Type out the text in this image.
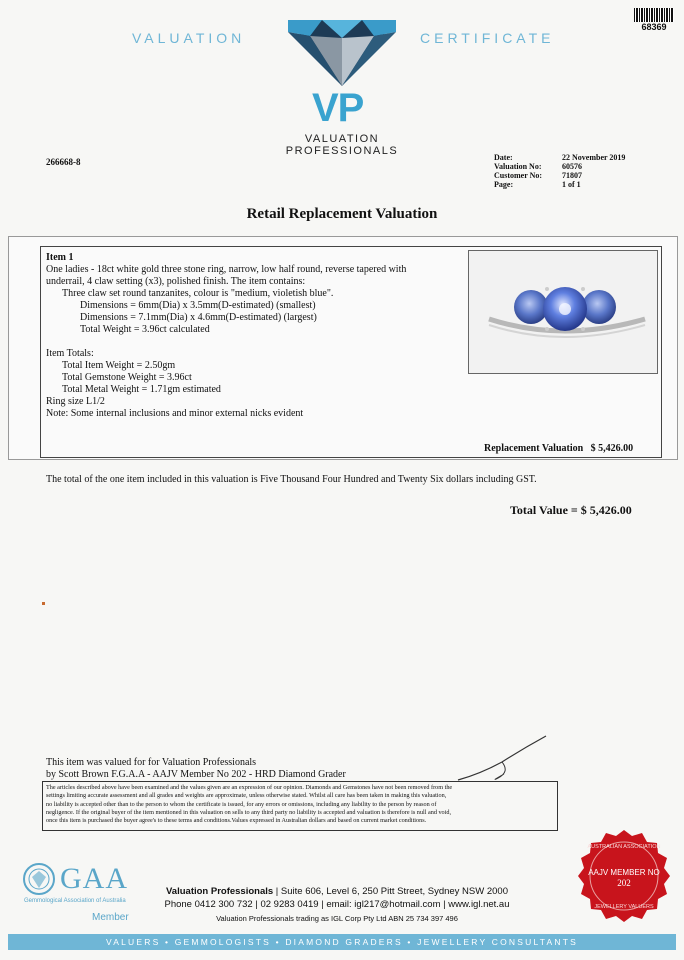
VALUATION	CERTIFICATE
VP
VALUATION
PROFESSIONALS
68369
266668-8	Date:	22 November 2019
Valuation No:	60576
Customer No: 71807
Page:	1 of 1
Retail Replacement Valuation
Item 1
One ladies - 18ct white gold three stone ring, narrow, low half round, reverse tapered with
underrail, 4 claw setting (x3), polished finish. The item contains:
Three claw set round tanzanites, colour is "medium, violetish blue".
Dimensions = 6mm(Dia) x 3.5mm(D-estimated) (smallest)
Dimensions = 7.1mm(Dia) x 4.6mm(D-estimated) (largest)
Total Weight = 3.96ct calculated
Item Totals:
Total Item Weight = 2.50gm
Total Gemstone Weight = 3.96ct
Total Metal Weight = 1.71gm estimated
Ring size L1/2
Note: Some internal inclusions and minor external nicks evident
Replacement Valuation $ 5,426.00
The total of the one item included in this valuation is Five Thousand Four Hundred and Twenty Six dollars including GST.
Total Value = $ 5,426.00
This item was valued for for Valuation Professionals
by Scott Brown F.G.A.A - AAJV Member No 202 - HRD Diamond Grader
The articles described above have been examined and the values given are an expression of our opinion. Diamonds and Gemstones have not been removed from the
settings limiting accurate assessment and all grades and weights are approximate, unless otherwise stated. Whilst all care has been taken in making this valuation,
no liability is accepted other than to the person to whom the certificate is issued, for any errors or omissions, including any liability to the person by reason of
negligence. If the original buyer of the item mentioned in this valuation on sells to any third party no liability is accepted and valuation is therefore is null and void,
once this item is purchased the buyer agree's to these terms and conditions.Values expressed in Australian dollars and based on current market conditions.
GAA
Gemmological Association of Australia
Member
Valuation Professionals | Suite 606, Level 6, 250 Pitt Street, Sydney NSW 2000
Phone 0412 300 732 | 02 9283 0419 | email: igl217@hotmail.com | www.igl.net.au
Valuation Professionals trading as IGL Corp Pty Ltd ABN 25 734 397 496
AUSTRALIAN ASSOCIATION
AAJV MEMBER NO
202
JEWELLERY VALUERS
VALUERS • GEMMOLOGISTS • DIAMOND GRADERS • JEWELLERY CONSULTANTS
